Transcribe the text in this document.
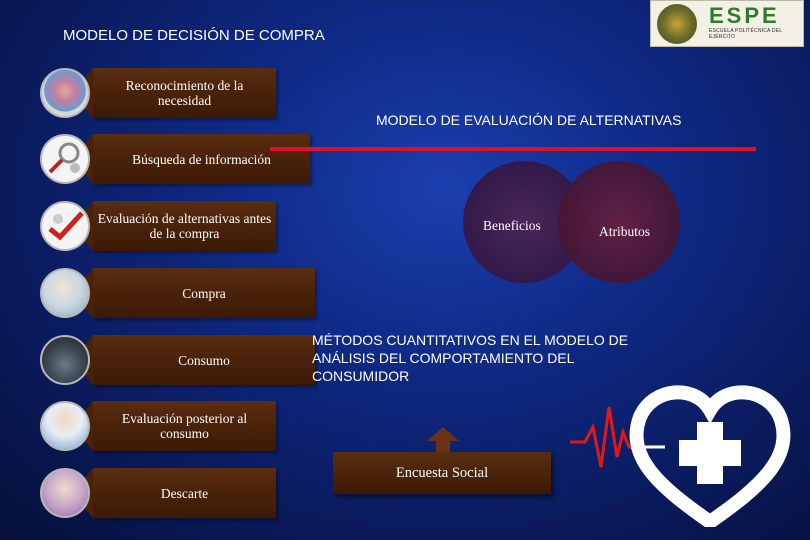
MODELO DE DECISIÓN DE COMPRA
ESPE
ESCUELA POLITÉCNICA DEL EJÉRCITO
Reconocimiento de la necesidad
Búsqueda de información
Evaluación de alternativas antes de la compra
Compra
Consumo
Evaluación posterior al consumo
Descarte
MODELO DE EVALUACIÓN DE ALTERNATIVAS
Beneficios	Atributos
MÉTODOS CUANTITATIVOS EN EL MODELO DE ANÁLISIS DEL COMPORTAMIENTO DEL CONSUMIDOR
Encuesta Social
